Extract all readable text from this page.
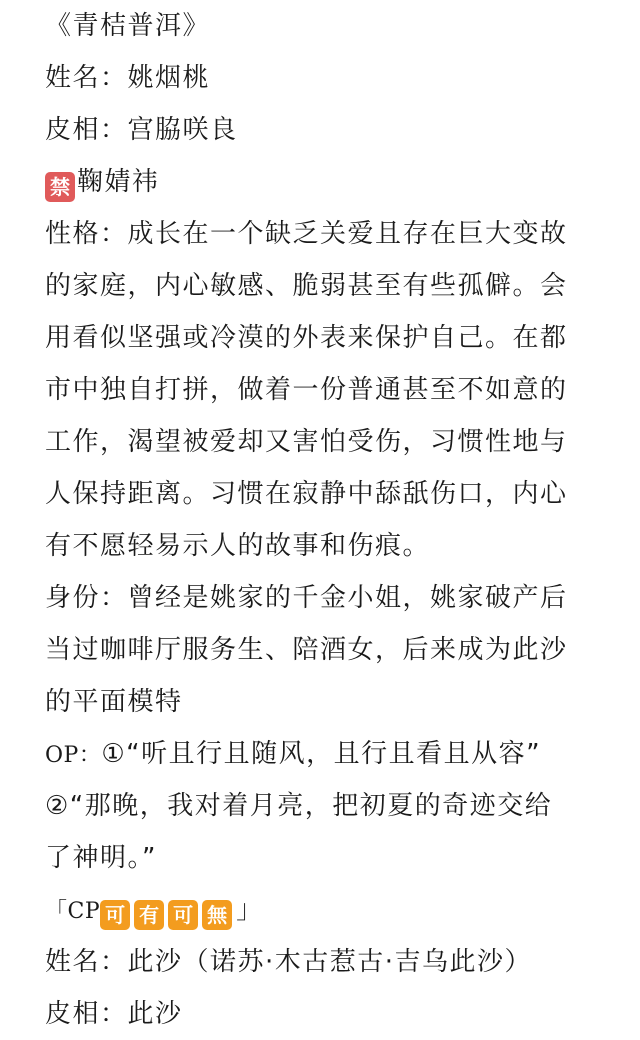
《青桔普洱》
姓名：姚烟桃
皮相：宫脇咲良
禁 鞠婧祎
性格：成长在一个缺乏关爱且存在巨大变故
的家庭，内心敏感、脆弱甚至有些孤僻。会
用看似坚强或冷漠的外表来保护自己。在都
市中独自打拼，做着一份普通甚至不如意的
工作，渴望被爱却又害怕受伤，习惯性地与
人保持距离。习惯在寂静中舔舐伤口，内心
有不愿轻易示人的故事和伤痕。
身份：曾经是姚家的千金小姐，姚家破产后
当过咖啡厅服务生、陪酒女，后来成为此沙
的平面模特
OP：①“听且行且随风，且行且看且从容”
②“那晚，我对着月亮，把初夏的奇迹交给
了神明。”
「CP 可 有 可 無 」
姓名：此沙（诺苏·木古惹古·吉乌此沙）
皮相：此沙
